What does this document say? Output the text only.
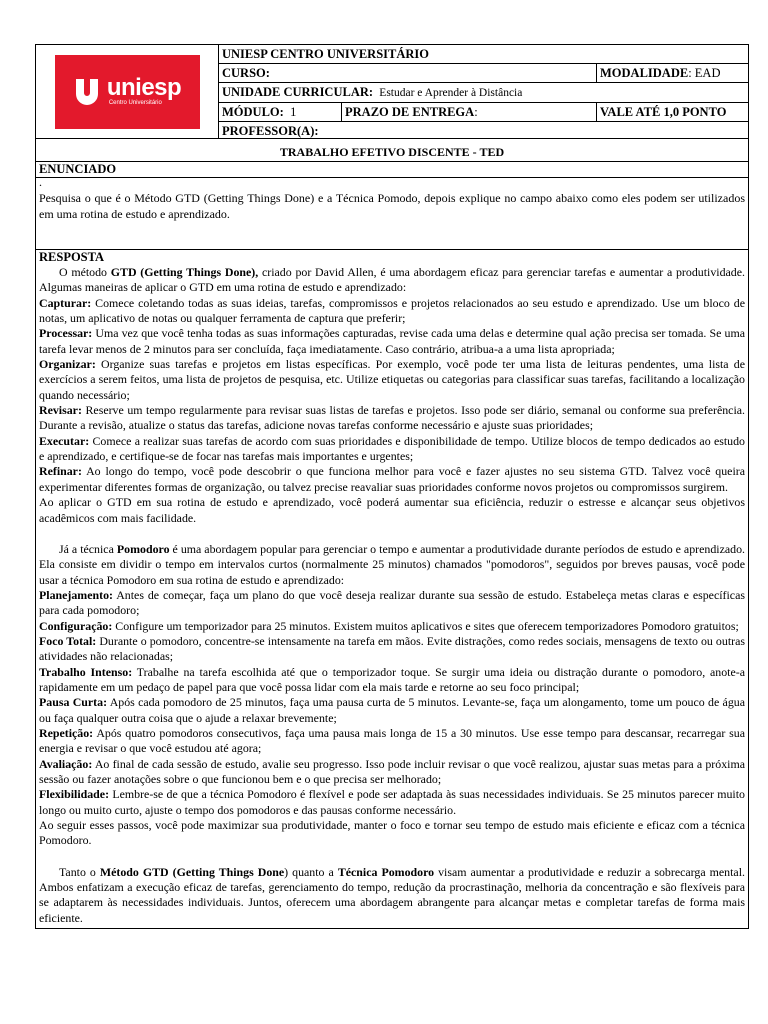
uniesp
Centro Universitário
UNIESP CENTRO UNIVERSITÁRIO
CURSO:	MODALIDADE: EAD
UNIDADE CURRICULAR: Estudar e Aprender à Distância
MÓDULO: 1	PRAZO DE ENTREGA:	VALE ATÉ 1,0 PONTO
PROFESSOR(A):
TRABALHO EFETIVO DISCENTE - TED
ENUNCIADO
.
Pesquisa o que é o Método GTD (Getting Things Done) e a Técnica Pomodo, depois explique no campo abaixo como eles podem ser utilizados em uma rotina de estudo e aprendizado.
RESPOSTA

O método GTD (Getting Things Done), criado por David Allen, é uma abordagem eficaz para gerenciar tarefas e aumentar a produtividade. Algumas maneiras de aplicar o GTD em uma rotina de estudo e aprendizado:

Capturar: Comece coletando todas as suas ideias, tarefas, compromissos e projetos relacionados ao seu estudo e aprendizado. Use um bloco de notas, um aplicativo de notas ou qualquer ferramenta de captura que preferir;

Processar: Uma vez que você tenha todas as suas informações capturadas, revise cada uma delas e determine qual ação precisa ser tomada. Se uma tarefa levar menos de 2 minutos para ser concluída, faça imediatamente. Caso contrário, atribua-a a uma lista apropriada;

Organizar: Organize suas tarefas e projetos em listas específicas. Por exemplo, você pode ter uma lista de leituras pendentes, uma lista de exercícios a serem feitos, uma lista de projetos de pesquisa, etc. Utilize etiquetas ou categorias para classificar suas tarefas, facilitando a localização quando necessário;

Revisar: Reserve um tempo regularmente para revisar suas listas de tarefas e projetos. Isso pode ser diário, semanal ou conforme sua preferência. Durante a revisão, atualize o status das tarefas, adicione novas tarefas conforme necessário e ajuste suas prioridades;

Executar: Comece a realizar suas tarefas de acordo com suas prioridades e disponibilidade de tempo. Utilize blocos de tempo dedicados ao estudo e aprendizado, e certifique-se de focar nas tarefas mais importantes e urgentes;

Refinar: Ao longo do tempo, você pode descobrir o que funciona melhor para você e fazer ajustes no seu sistema GTD. Talvez você queira experimentar diferentes formas de organização, ou talvez precise reavaliar suas prioridades conforme novos projetos ou compromissos surgirem.

Ao aplicar o GTD em sua rotina de estudo e aprendizado, você poderá aumentar sua eficiência, reduzir o estresse e alcançar seus objetivos acadêmicos com mais facilidade.

Já a técnica Pomodoro é uma abordagem popular para gerenciar o tempo e aumentar a produtividade durante períodos de estudo e aprendizado. Ela consiste em dividir o tempo em intervalos curtos (normalmente 25 minutos) chamados "pomodoros", seguidos por breves pausas, você pode usar a técnica Pomodoro em sua rotina de estudo e aprendizado:

Planejamento: Antes de começar, faça um plano do que você deseja realizar durante sua sessão de estudo. Estabeleça metas claras e específicas para cada pomodoro;

Configuração: Configure um temporizador para 25 minutos. Existem muitos aplicativos e sites que oferecem temporizadores Pomodoro gratuitos;

Foco Total: Durante o pomodoro, concentre-se intensamente na tarefa em mãos. Evite distrações, como redes sociais, mensagens de texto ou outras atividades não relacionadas;

Trabalho Intenso: Trabalhe na tarefa escolhida até que o temporizador toque. Se surgir uma ideia ou distração durante o pomodoro, anote-a rapidamente em um pedaço de papel para que você possa lidar com ela mais tarde e retorne ao seu foco principal;

Pausa Curta: Após cada pomodoro de 25 minutos, faça uma pausa curta de 5 minutos. Levante-se, faça um alongamento, tome um pouco de água ou faça qualquer outra coisa que o ajude a relaxar brevemente;

Repetição: Após quatro pomodoros consecutivos, faça uma pausa mais longa de 15 a 30 minutos. Use esse tempo para descansar, recarregar sua energia e revisar o que você estudou até agora;

Avaliação: Ao final de cada sessão de estudo, avalie seu progresso. Isso pode incluir revisar o que você realizou, ajustar suas metas para a próxima sessão ou fazer anotações sobre o que funcionou bem e o que precisa ser melhorado;

Flexibilidade: Lembre-se de que a técnica Pomodoro é flexível e pode ser adaptada às suas necessidades individuais. Se 25 minutos parecer muito longo ou muito curto, ajuste o tempo dos pomodoros e das pausas conforme necessário.

Ao seguir esses passos, você pode maximizar sua produtividade, manter o foco e tornar seu tempo de estudo mais eficiente e eficaz com a técnica Pomodoro.

Tanto o Método GTD (Getting Things Done) quanto a Técnica Pomodoro visam aumentar a produtividade e reduzir a sobrecarga mental. Ambos enfatizam a execução eficaz de tarefas, gerenciamento do tempo, redução da procrastinação, melhoria da concentração e são flexíveis para se adaptarem às necessidades individuais. Juntos, oferecem uma abordagem abrangente para alcançar metas e completar tarefas de forma mais eficiente.
